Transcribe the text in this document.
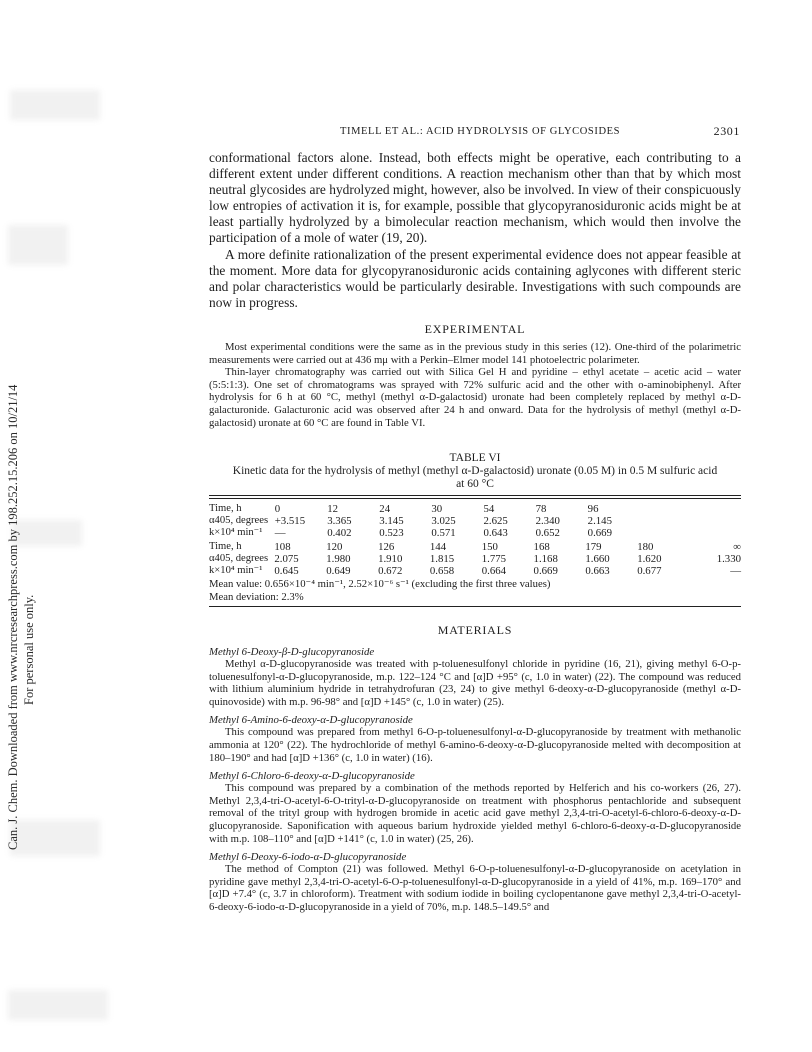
Can. J. Chem. Downloaded from www.nrcresearchpress.com by 198.252.15.206 on 10/21/14 For personal use only.
TIMELL ET AL.: ACID HYDROLYSIS OF GLYCOSIDES	2301

conformational factors alone. Instead, both effects might be operative, each contributing to a different extent under different conditions. A reaction mechanism other than that by which most neutral glycosides are hydrolyzed might, however, also be involved. In view of their conspicuously low entropies of activation it is, for example, possible that glycopyranosiduronic acids might be at least partially hydrolyzed by a bimolecular reaction mechanism, which would then involve the participation of a mole of water (19, 20).

A more definite rationalization of the present experimental evidence does not appear feasible at the moment. More data for glycopyranosiduronic acids containing aglycones with different steric and polar characteristics would be particularly desirable. Investigations with such compounds are now in progress.

EXPERIMENTAL

Most experimental conditions were the same as in the previous study in this series (12). One-third of the polarimetric measurements were carried out at 436 mμ with a Perkin–Elmer model 141 photoelectric polarimeter.

Thin-layer chromatography was carried out with Silica Gel H and pyridine – ethyl acetate – acetic acid – water (5:5:1:3). One set of chromatograms was sprayed with 72% sulfuric acid and the other with o-aminobiphenyl. After hydrolysis for 6 h at 60 °C, methyl (methyl α-D-galactosid) uronate had been completely replaced by methyl α-D-galacturonide. Galacturonic acid was observed after 24 h and onward. Data for the hydrolysis of methyl (methyl α-D-galactosid) uronate at 60 °C are found in Table VI.

TABLE VI
Kinetic data for the hydrolysis of methyl (methyl α-D-galactosid) uronate (0.05 M) in 0.5 M sulfuric acid
at 60 °C
Time, h	0	12	24	30	54	78	96		
α405, degrees	+3.515	3.365	3.145	3.025	2.625	2.340	2.145		
k×10⁴ min⁻¹	—	0.402	0.523	0.571	0.643	0.652	0.669		
Time, h	108	120	126	144	150	168	179	180	∞
α405, degrees	2.075	1.980	1.910	1.815	1.775	1.168	1.660	1.620	1.330
k×10⁴ min⁻¹	0.645	0.649	0.672	0.658	0.664	0.669	0.663	0.677	—
Mean value: 0.656×10⁻⁴ min⁻¹, 2.52×10⁻⁶ s⁻¹ (excluding the first three values)
Mean deviation: 2.3%
MATERIALS
Methyl 6-Deoxy-β-D-glucopyranoside

Methyl α-D-glucopyranoside was treated with p-toluenesulfonyl chloride in pyridine (16, 21), giving methyl 6-O-p-toluenesulfonyl-α-D-glucopyranoside, m.p. 122–124 °C and [α]D +95° (c, 1.0 in water) (22). The compound was reduced with lithium aluminium hydride in tetrahydrofuran (23, 24) to give methyl 6-deoxy-α-D-glucopyranoside (methyl α-D-quinovoside) with m.p. 96-98° and [α]D +145° (c, 1.0 in water) (25).

Methyl 6-Amino-6-deoxy-α-D-glucopyranoside

This compound was prepared from methyl 6-O-p-toluenesulfonyl-α-D-glucopyranoside by treatment with methanolic ammonia at 120° (22). The hydrochloride of methyl 6-amino-6-deoxy-α-D-glucopyranoside melted with decomposition at 180–190° and had [α]D +136° (c, 1.0 in water) (16).

Methyl 6-Chloro-6-deoxy-α-D-glucopyranoside

This compound was prepared by a combination of the methods reported by Helferich and his co-workers (26, 27). Methyl 2,3,4-tri-O-acetyl-6-O-trityl-α-D-glucopyranoside on treatment with phosphorus pentachloride and subsequent removal of the trityl group with hydrogen bromide in acetic acid gave methyl 2,3,4-tri-O-acetyl-6-chloro-6-deoxy-α-D-glucopyranoside. Saponification with aqueous barium hydroxide yielded methyl 6-chloro-6-deoxy-α-D-glucopyranoside with m.p. 108–110° and [α]D +141° (c, 1.0 in water) (25, 26).

Methyl 6-Deoxy-6-iodo-α-D-glucopyranoside

The method of Compton (21) was followed. Methyl 6-O-p-toluenesulfonyl-α-D-glucopyranoside on acetylation in pyridine gave methyl 2,3,4-tri-O-acetyl-6-O-p-toluenesulfonyl-α-D-glucopyranoside in a yield of 41%, m.p. 169–170° and [α]D +7.4° (c, 3.7 in chloroform). Treatment with sodium iodide in boiling cyclopentanone gave methyl 2,3,4-tri-O-acetyl-6-deoxy-6-iodo-α-D-glucopyranoside in a yield of 70%, m.p. 148.5–149.5° and
